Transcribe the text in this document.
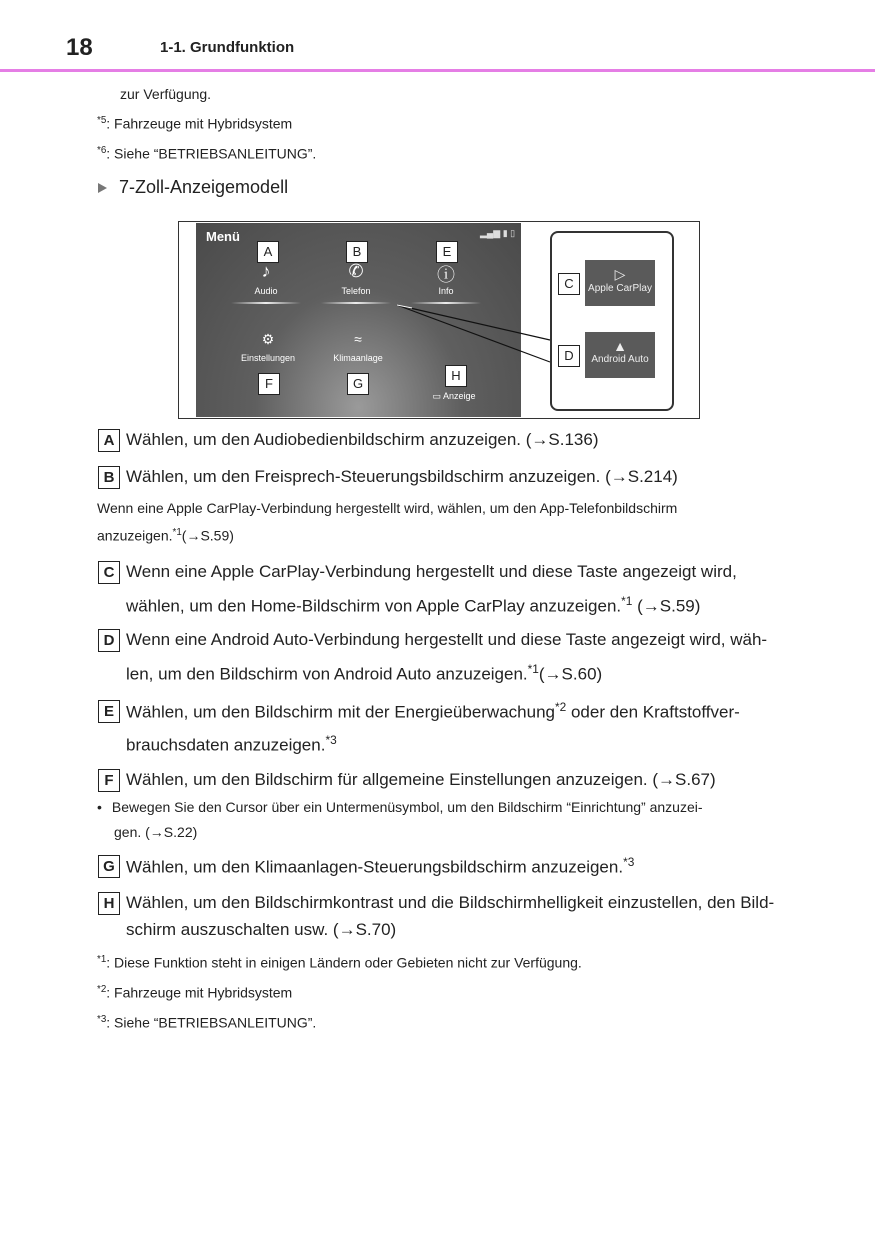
18	1-1. Grundfunktion
zur Verfügung.
$^{*5}$: Fahrzeuge mit Hybridsystem
$^{*6}$: Siehe “BETRIEBSANLEITUNG”.
7-Zoll-Anzeigemodell
Menü	▂▄▆ ▮ ▯
A	B	E
♪	✆	ⓘ
Audio	Telefon	Info
⚙	≈
Einstellungen	Klimaanlage
F	G
H
▭ Anzeige
C
▷
Apple CarPlay
D
▲
Android Auto
A Wählen, um den Audiobedienbildschirm anzuzeigen. (→S.136)
B Wählen, um den Freisprech-Steuerungsbildschirm anzuzeigen. (→S.214)
Wenn eine Apple CarPlay-Verbindung hergestellt wird, wählen, um den App-Telefonbildschirm
anzuzeigen.$^{*1}$(→S.59)
C Wenn eine Apple CarPlay-Verbindung hergestellt und diese Taste angezeigt wird,
wählen, um den Home-Bildschirm von Apple CarPlay anzuzeigen.$^{*1}$ (→S.59)
D Wenn eine Android Auto-Verbindung hergestellt und diese Taste angezeigt wird, wäh-
len, um den Bildschirm von Android Auto anzuzeigen.$^{*1}$(→S.60)
E Wählen, um den Bildschirm mit der Energieüberwachung$^{*2}$ oder den Kraftstoffver-
brauchsdaten anzuzeigen.$^{*3}$
F Wählen, um den Bildschirm für allgemeine Einstellungen anzuzeigen. (→S.67)
• Bewegen Sie den Cursor über ein Untermenüsymbol, um den Bildschirm “Einrichtung” anzuzei-
gen. (→S.22)
G Wählen, um den Klimaanlagen-Steuerungsbildschirm anzuzeigen.$^{*3}$
H Wählen, um den Bildschirmkontrast und die Bildschirmhelligkeit einzustellen, den Bild-
schirm auszuschalten usw. (→S.70)
$^{*1}$: Diese Funktion steht in einigen Ländern oder Gebieten nicht zur Verfügung.
$^{*2}$: Fahrzeuge mit Hybridsystem
$^{*3}$: Siehe “BETRIEBSANLEITUNG”.
